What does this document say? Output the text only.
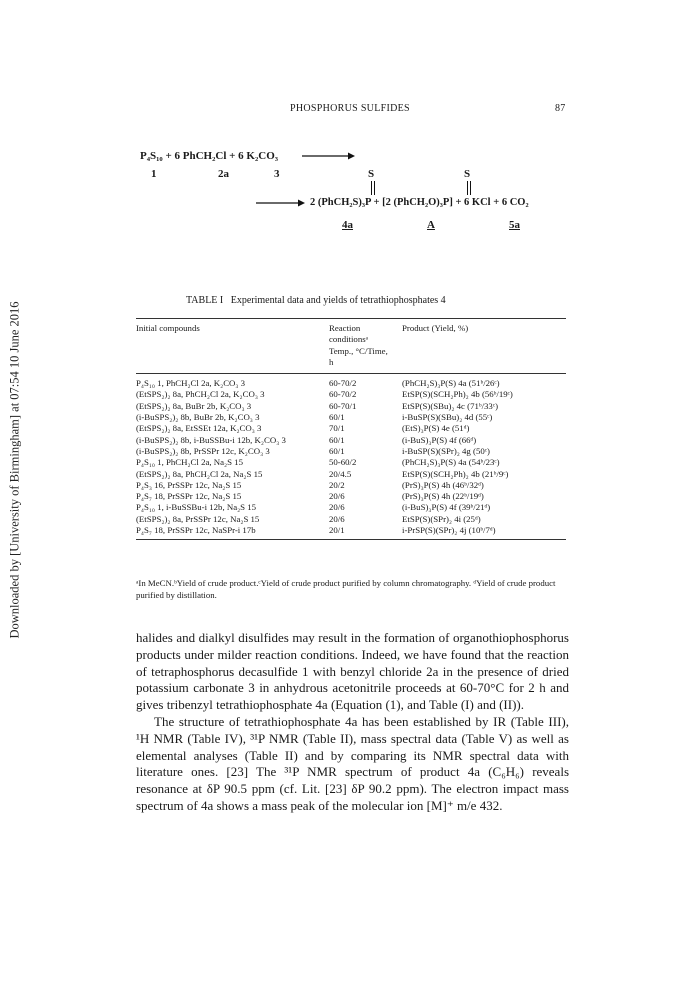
Downloaded by [University of Birmingham] at 07:54 10 June 2016
PHOSPHORUS SULFIDES	87
P₄S₁₀ + 6 PhCH₂Cl + 6 K₂CO₃ →
1	2a	3	S	S
→ 2 (PhCH₂S)₃P + [2 (PhCH₂O)₃P] + 6 KCl + 6 CO₂
4a	A	5a
TABLE I   Experimental data and yields of tetrathiophosphates 4
Initial compounds	Reaction conditionsᵃ Temp., °C/Time, h	Product (Yield, %)
P₄S₁₀ 1, PhCH₂Cl 2a, K₂CO₃ 3	60-70/2	(PhCH₂S)₃P(S) 4a (51ᵇ/26ᶜ)
(EtSPS₂)₂ 8a, PhCH₂Cl 2a, K₂CO₃ 3	60-70/2	EtSP(S)(SCH₂Ph)₂ 4b (56ᵇ/19ᶜ)
(EtSPS₂)₂ 8a, BuBr 2b, K₂CO₃ 3	60-70/1	EtSP(S)(SBu)₂ 4c (71ᵇ/33ᶜ)
(i-BuSPS₂)₂ 8b, BuBr 2b, K₂CO₃ 3	60/1	i-BuSP(S)(SBu)₂ 4d (55ᶜ)
(EtSPS₂)₂ 8a, EtSSEt 12a, K₂CO₃ 3	70/1	(EtS)₃P(S) 4e (51ᵈ)
(i-BuSPS₂)₂ 8b, i-BuSSBu-i 12b, K₂CO₃ 3	60/1	(i-BuS)₃P(S) 4f (66ᵈ)
(i-BuSPS₂)₂ 8b, PrSSPr 12c, K₂CO₃ 3	60/1	i-BuSP(S)(SPr)₂ 4g (50ᶜ)
P₄S₁₀ 1, PhCH₂Cl 2a, Na₂S 15	50-60/2	(PhCH₂S)₃P(S) 4a (54ᵇ/23ᶜ)
(EtSPS₂)₂ 8a, PhCH₂Cl 2a, Na₂S 15	20/4.5	EtSP(S)(SCH₂Ph)₂ 4b (21ᵇ/9ᶜ)
P₄S₃ 16, PrSSPr 12c, Na₂S 15	20/2	(PrS)₃P(S) 4h (46ᵇ/32ᵈ)
P₄S₇ 18, PrSSPr 12c, Na₂S 15	20/6	(PrS)₃P(S) 4h (22ᵇ/19ᵈ)
P₄S₁₀ 1, i-BuSSBu-i 12b, Na₂S 15	20/6	(i-BuS)₃P(S) 4f (39ᵇ/21ᵈ)
(EtSPS₂)₂ 8a, PrSSPr 12c, Na₂S 15	20/6	EtSP(S)(SPr)₂ 4i (25ᵈ)
P₄S₇ 18, PrSSPr 12c, NaSPr-i 17b	20/1	i-PrSP(S)(SPr)₂ 4j (10ᵇ/7ᵈ)
ᵃIn MeCN.ᵇYield of crude product.ᶜYield of crude product purified by column chromatography. ᵈYield of crude product purified by distillation.

halides and dialkyl disulfides may result in the formation of organothiophosphorus products under milder reaction conditions. Indeed, we have found that the reaction of tetraphosphorus decasulfide 1 with benzyl chloride 2a in the presence of dried potassium carbonate 3 in anhydrous acetonitrile proceeds at 60-70°C for 2 h and gives tribenzyl tetrathiophosphate 4a (Equation (1), and Table (I) and (II)).

The structure of tetrathiophosphate 4a has been established by IR (Table III), ¹H NMR (Table IV), ³¹P NMR (Table II), mass spectral data (Table V) as well as elemental analyses (Table II) and by comparing its NMR spectral data with literature ones. [23] The ³¹P NMR spectrum of product 4a (C₆H₆) reveals resonance at δP 90.5 ppm (cf. Lit. [23] δP 90.2 ppm). The electron impact mass spectrum of 4a shows a mass peak of the molecular ion [M]⁺ m/e 432.
